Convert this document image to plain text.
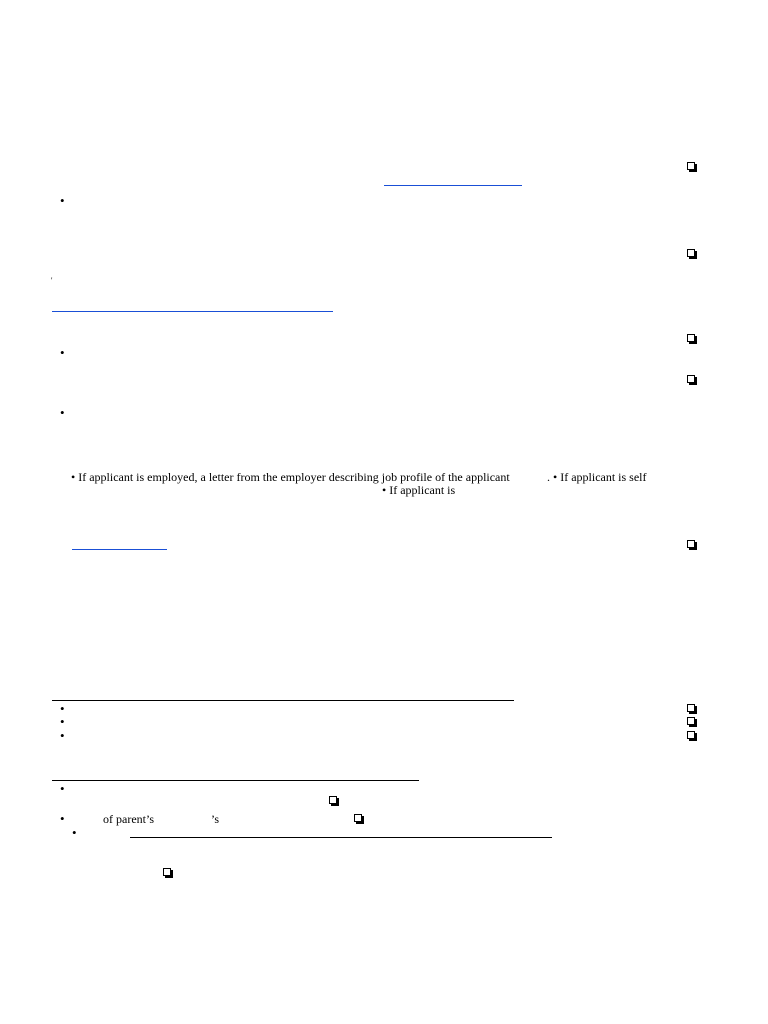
•
•
•
•
•
•
•
•
•
'
• If applicant is employed, a letter from the employer describing job profile of the applicant	. • If applicant is self
• If applicant is
of parent’s	’s
